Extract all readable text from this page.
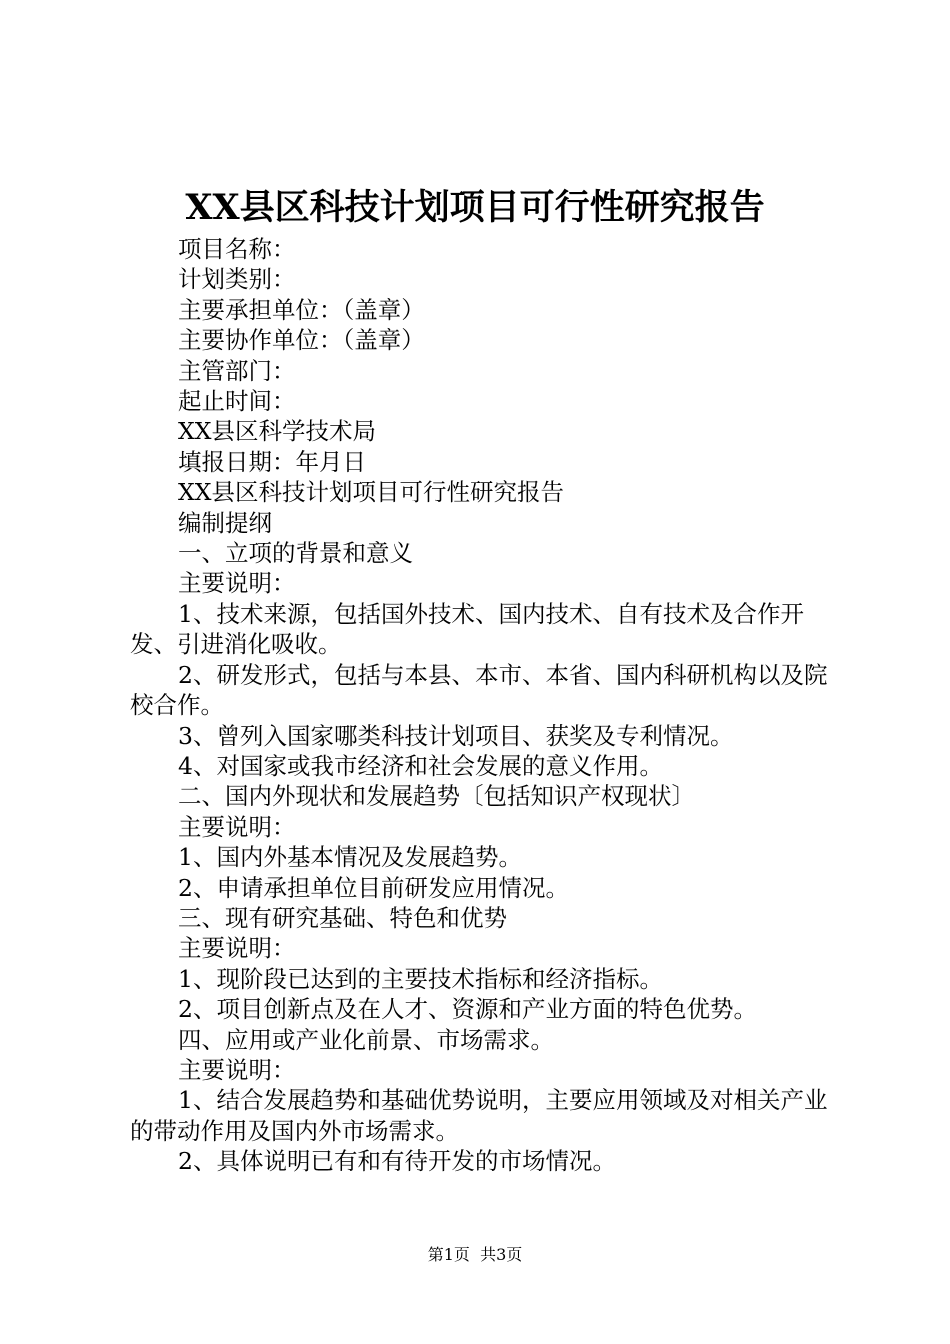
XX县区科技计划项目可行性研究报告

项目名称：

计划类别：

主要承担单位：（盖章）

主要协作单位：（盖章）

主管部门：

起止时间：

XX县区科学技术局

填报日期：年月日

XX县区科技计划项目可行性研究报告

编制提纲

一、立项的背景和意义

主要说明：

1、技术来源，包括国外技术、国内技术、自有技术及合作开发、引进消化吸收。

2、研发形式，包括与本县、本市、本省、国内科研机构以及院校合作。

3、曾列入国家哪类科技计划项目、获奖及专利情况。

4、对国家或我市经济和社会发展的意义作用。

二、国内外现状和发展趋势〔包括知识产权现状〕

主要说明：

1、国内外基本情况及发展趋势。

2、申请承担单位目前研发应用情况。

三、现有研究基础、特色和优势

主要说明：

1、现阶段已达到的主要技术指标和经济指标。

2、项目创新点及在人才、资源和产业方面的特色优势。

四、应用或产业化前景、市场需求。

主要说明：

1、结合发展趋势和基础优势说明，主要应用领域及对相关产业的带动作用及国内外市场需求。

2、具体说明已有和有待开发的市场情况。

第1页  共3页
